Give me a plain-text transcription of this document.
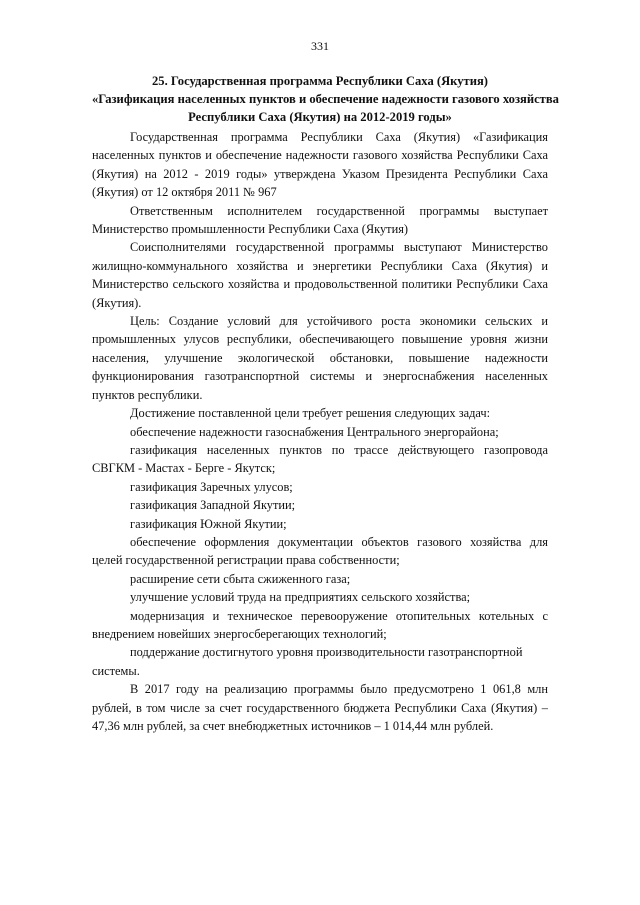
331
25. Государственная программа Республики Саха (Якутия)
«Газификация населенных пунктов и обеспечение надежности газового хозяйства
Республики Саха (Якутия) на 2012-2019 годы»

Государственная программа Республики Саха (Якутия) «Газификация населенных пунктов и обеспечение надежности газового хозяйства Республики Саха (Якутия) на 2012 - 2019 годы» утверждена Указом Президента Республики Саха (Якутия) от 12 октября 2011 № 967

Ответственным исполнителем государственной программы выступает Министерство промышленности Республики Саха (Якутия)

Соисполнителями государственной программы выступают Министерство жилищно-коммунального хозяйства и энергетики Республики Саха (Якутия) и Министерство сельского хозяйства и продовольственной политики Республики Саха (Якутия).

Цель: Создание условий для устойчивого роста экономики сельских и промышленных улусов республики, обеспечивающего повышение уровня жизни населения, улучшение экологической обстановки, повышение надежности функционирования газотранспортной системы и энергоснабжения населенных пунктов республики.

Достижение поставленной цели требует решения следующих задач:

обеспечение надежности газоснабжения Центрального энергорайона;

газификация населенных пунктов по трассе действующего газопровода СВГКМ - Мастах - Берге - Якутск;

газификация Заречных улусов;

газификация Западной Якутии;

газификация Южной Якутии;

обеспечение оформления документации объектов газового хозяйства для целей государственной регистрации права собственности;

расширение сети сбыта сжиженного газа;

улучшение условий труда на предприятиях сельского хозяйства;

модернизация и техническое перевооружение отопительных котельных с внедрением новейших энергосберегающих технологий;

поддержание достигнутого уровня производительности газотранспортной системы.

В 2017 году на реализацию программы было предусмотрено 1 061,8 млн рублей, в том числе за счет государственного бюджета Республики Саха (Якутия) – 47,36 млн рублей, за счет внебюджетных источников – 1 014,44 млн рублей.
